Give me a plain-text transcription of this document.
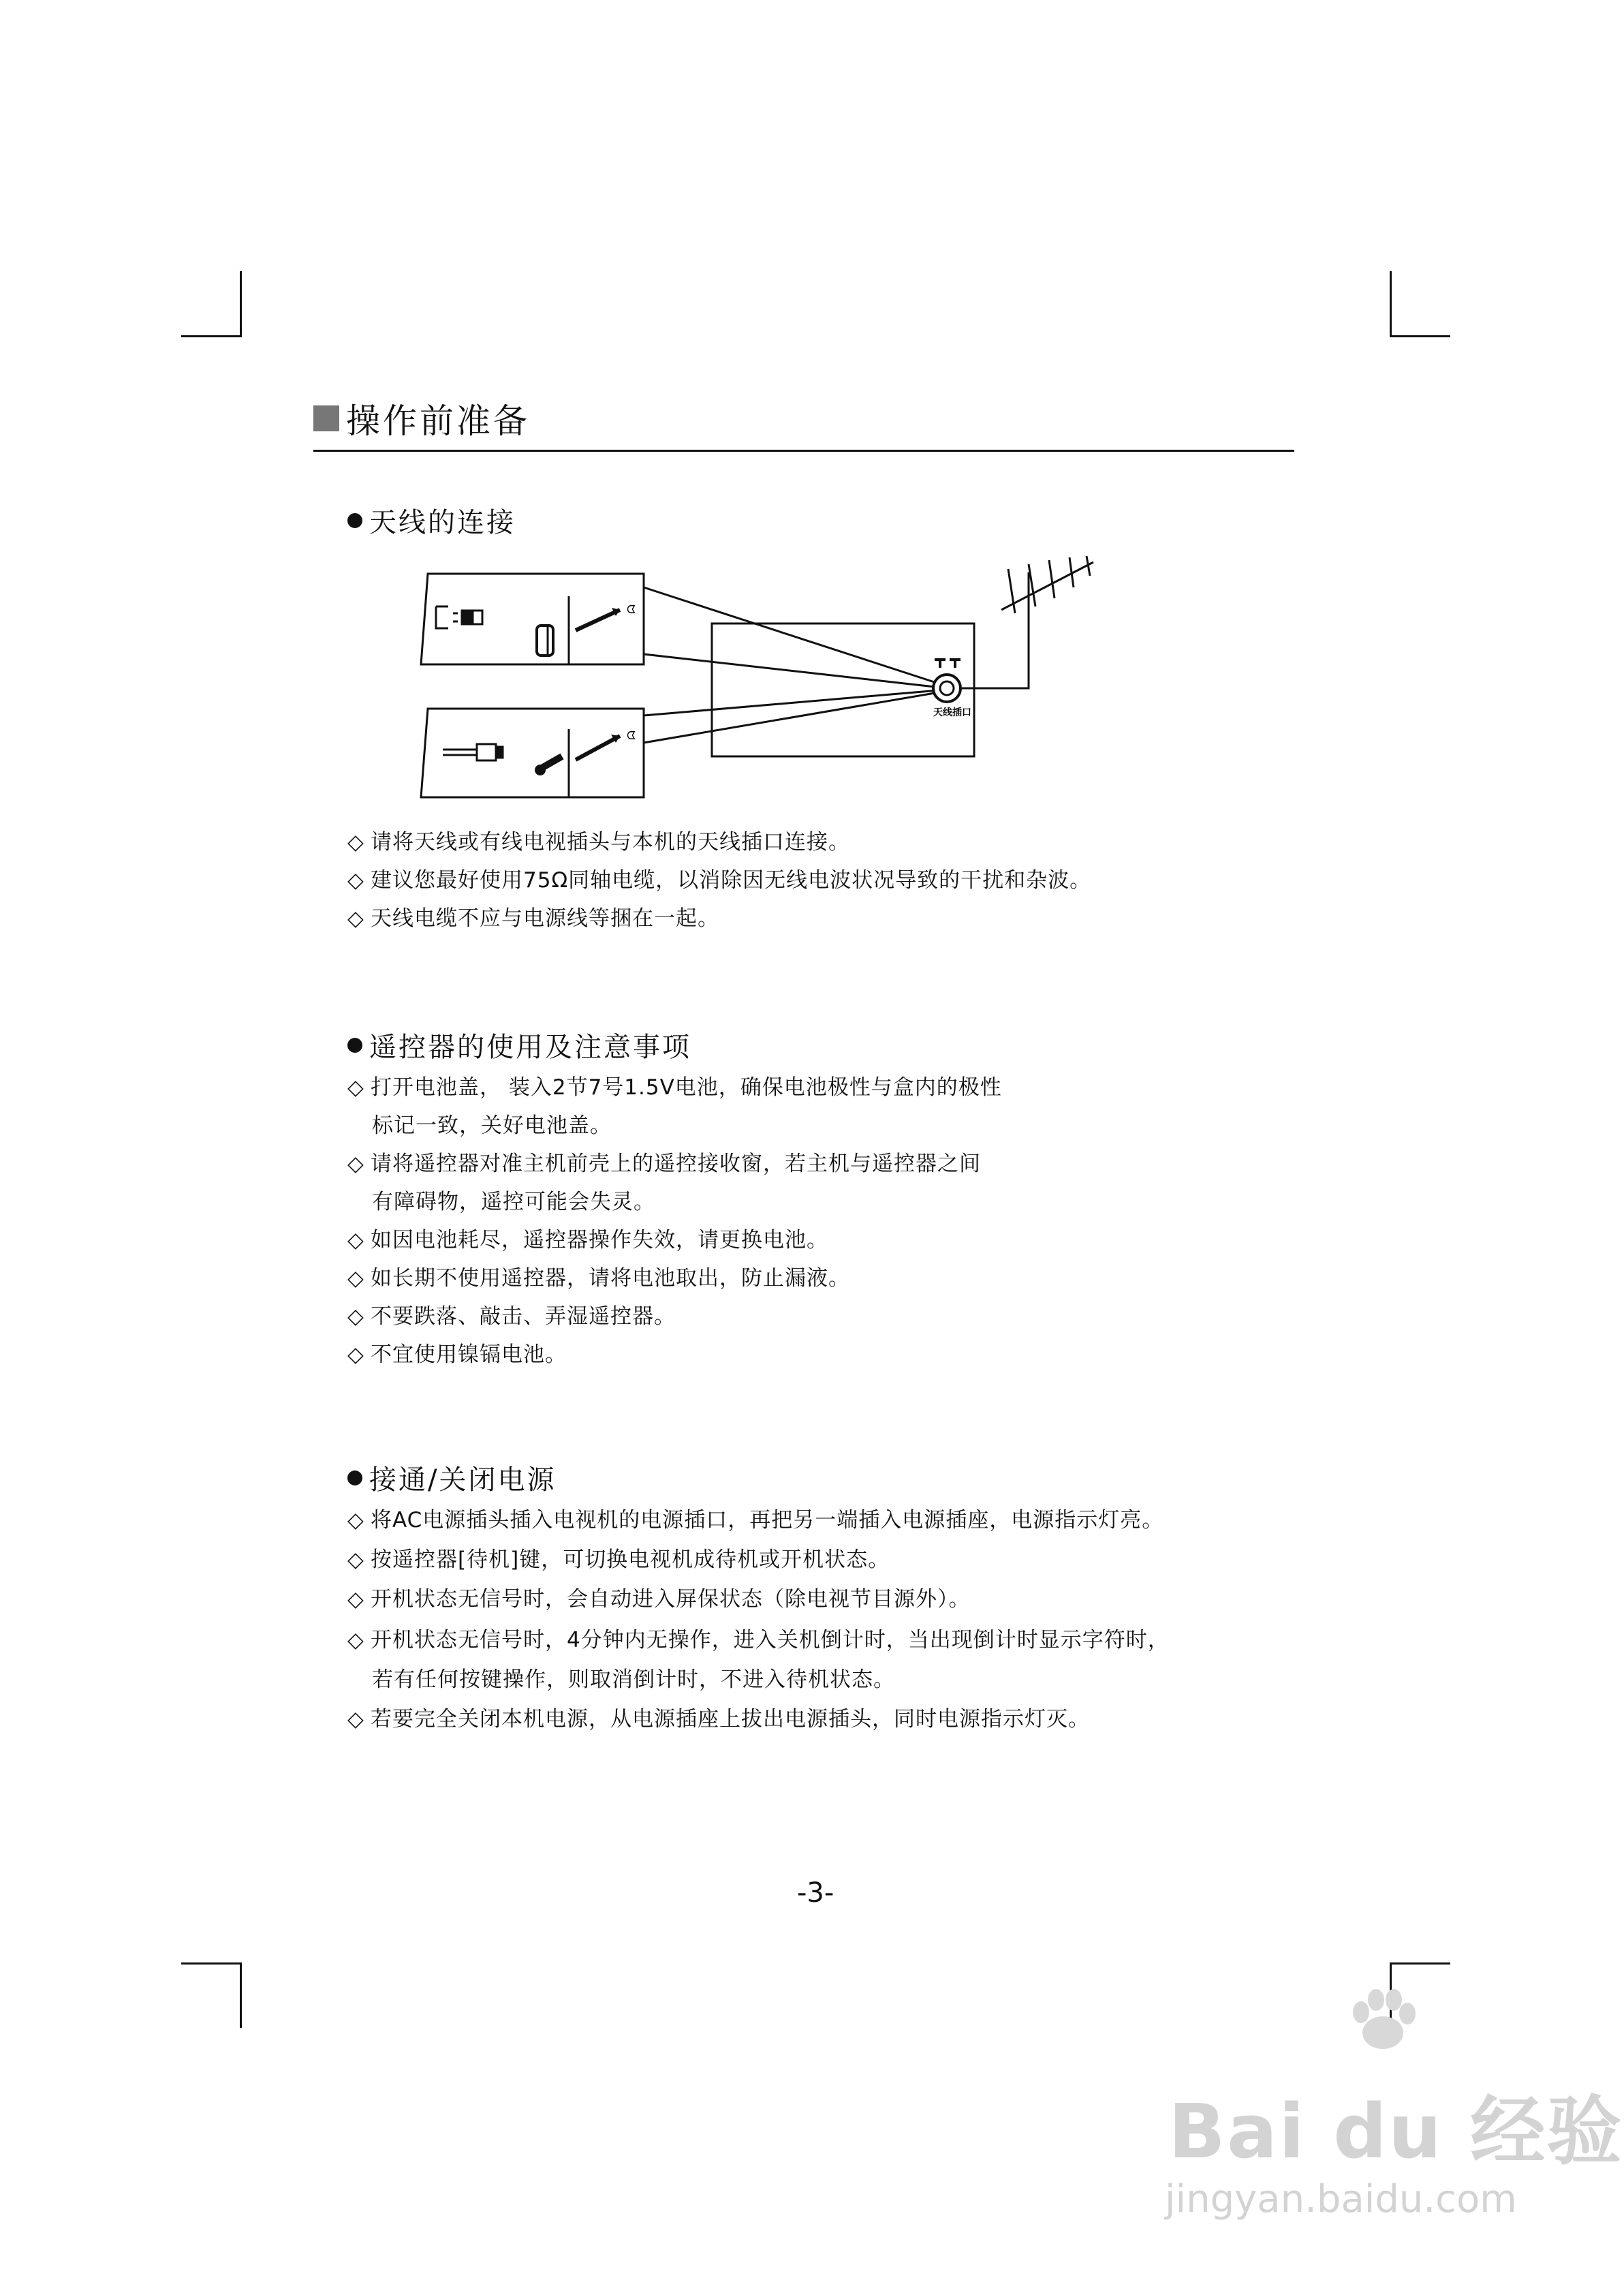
操作前准备
天线的连接
ᗧ
ᗧ
天线插口
◇ 请将天线或有线电视插头与本机的天线插口连接。
◇ 建议您最好使用75Ω同轴电缆，以消除因无线电波状况导致的干扰和杂波。
◇ 天线电缆不应与电源线等捆在一起。
遥控器的使用及注意事项
◇ 打开电池盖， 装入2节7号1.5V电池，确保电池极性与盒内的极性
标记一致，关好电池盖。
◇ 请将遥控器对准主机前壳上的遥控接收窗，若主机与遥控器之间
有障碍物，遥控可能会失灵。
◇ 如因电池耗尽，遥控器操作失效，请更换电池。
◇ 如长期不使用遥控器，请将电池取出，防止漏液。
◇ 不要跌落、敲击、弄湿遥控器。
◇ 不宜使用镍镉电池。
接通/关闭电源
◇ 将AC电源插头插入电视机的电源插口，再把另一端插入电源插座，电源指示灯亮。
◇ 按遥控器[待机]键，可切换电视机成待机或开机状态。
◇ 开机状态无信号时，会自动进入屏保状态（除电视节目源外）。
◇ 开机状态无信号时，4分钟内无操作，进入关机倒计时，当出现倒计时显示字符时，
若有任何按键操作，则取消倒计时，不进入待机状态。
◇ 若要完全关闭本机电源，从电源插座上拔出电源插头，同时电源指示灯灭。
-3-
Bai du 经验
jingyan.baidu.com
